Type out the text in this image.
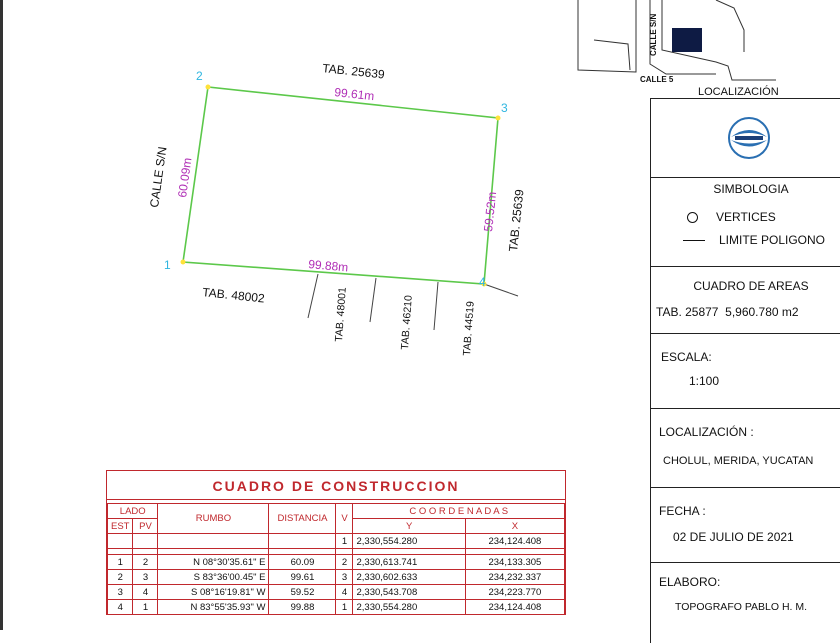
1
2
3
4
99.61m
99.88m
60.09m
59.52m
TAB. 25639
TAB. 25639
CALLE S/N
TAB. 48002	TAB. 48001	TAB. 46210	TAB. 44519
CALLE S/N
CALLE 5
LOCALIZACIÓN
SIMBOLOGIA
VERTICES
LIMITE POLIGONO
CUADRO DE AREAS
TAB. 25877  5,960.780 m2
ESCALA:
1:100
LOCALIZACIÓN :
CHOLUL, MERIDA, YUCATAN
FECHA :
02 DE JULIO DE 2021
ELABORO:
TOPOGRAFO PABLO H. M.
CUADRO DE CONSTRUCCION
LADO		RUMBO	DISTANCIA	V	C O O R D E N A D A S	
EST	PV				Y	X
				1	2,330,554.280	234,124.408

1	2	N 08°30'35.61" E	60.09	2	2,330,613.741	234,133.305
2	3	S 83°36'00.45" E	99.61	3	2,330,602.633	234,232.337
3	4	S 08°16'19.81" W	59.52	4	2,330,543.708	234,223.770
4	1	N 83°55'35.93" W	99.88	1	2,330,554.280	234,124.408
